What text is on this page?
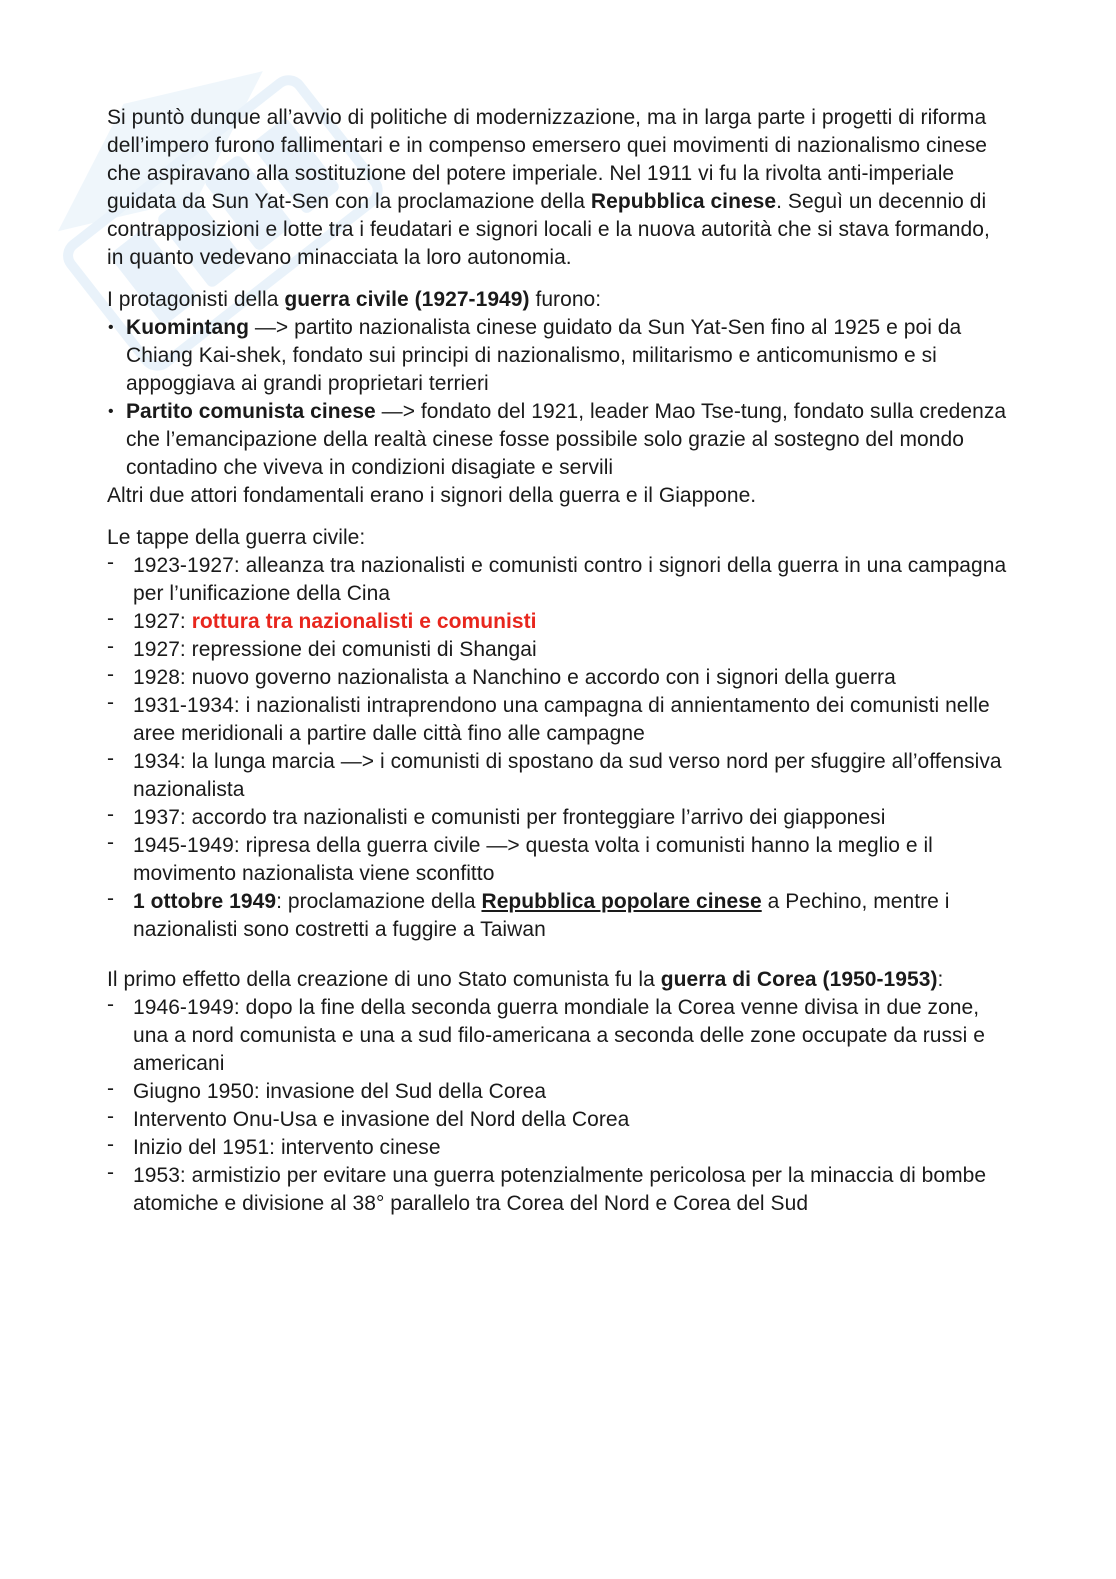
Si puntò dunque all’avvio di politiche di modernizzazione, ma in larga parte i progetti di riforma dell’impero furono fallimentari e in compenso emersero quei movimenti di nazionalismo cinese che aspiravano alla sostituzione del potere imperiale. Nel 1911 vi fu la rivolta anti-imperiale guidata da Sun Yat-Sen con la proclamazione della Repubblica cinese. Seguì un decennio di contrapposizioni e lotte tra i feudatari e signori locali e la nuova autorità che si stava formando, in quanto vedevano minacciata la loro autonomia.

I protagonisti della guerra civile (1927-1949) furono:

• Kuomintang —> partito nazionalista cinese guidato da Sun Yat-Sen fino al 1925 e poi da Chiang Kai-shek, fondato sui principi di nazionalismo, militarismo e anticomunismo e si appoggiava ai grandi proprietari terrieri
• Partito comunista cinese —> fondato del 1921, leader Mao Tse-tung, fondato sulla credenza che l’emancipazione della realtà cinese fosse possibile solo grazie al sostegno del mondo contadino che viveva in condizioni disagiate e servili

Altri due attori fondamentali erano i signori della guerra e il Giappone.

Le tappe della guerra civile:

- 1923-1927: alleanza tra nazionalisti e comunisti contro i signori della guerra in una campagna per l’unificazione della Cina
- 1927: rottura tra nazionalisti e comunisti
- 1927: repressione dei comunisti di Shangai
- 1928: nuovo governo nazionalista a Nanchino e accordo con i signori della guerra
- 1931-1934: i nazionalisti intraprendono una campagna di annientamento dei comunisti nelle aree meridionali a partire dalle città fino alle campagne
- 1934: la lunga marcia —> i comunisti di spostano da sud verso nord per sfuggire all’offensiva nazionalista
- 1937: accordo tra nazionalisti e comunisti per fronteggiare l’arrivo dei giapponesi
- 1945-1949: ripresa della guerra civile —> questa volta i comunisti hanno la meglio e il movimento nazionalista viene sconfitto
- 1 ottobre 1949: proclamazione della Repubblica popolare cinese a Pechino, mentre i nazionalisti sono costretti a fuggire a Taiwan

Il primo effetto della creazione di uno Stato comunista fu la guerra di Corea (1950-1953):

- 1946-1949: dopo la fine della seconda guerra mondiale la Corea venne divisa in due zone, una a nord comunista e una a sud filo-americana a seconda delle zone occupate da russi e americani
- Giugno 1950: invasione del Sud della Corea
- Intervento Onu-Usa e invasione del Nord della Corea
- Inizio del 1951: intervento cinese
- 1953: armistizio per evitare una guerra potenzialmente pericolosa per la minaccia di bombe atomiche e divisione al 38° parallelo tra Corea del Nord e Corea del Sud
